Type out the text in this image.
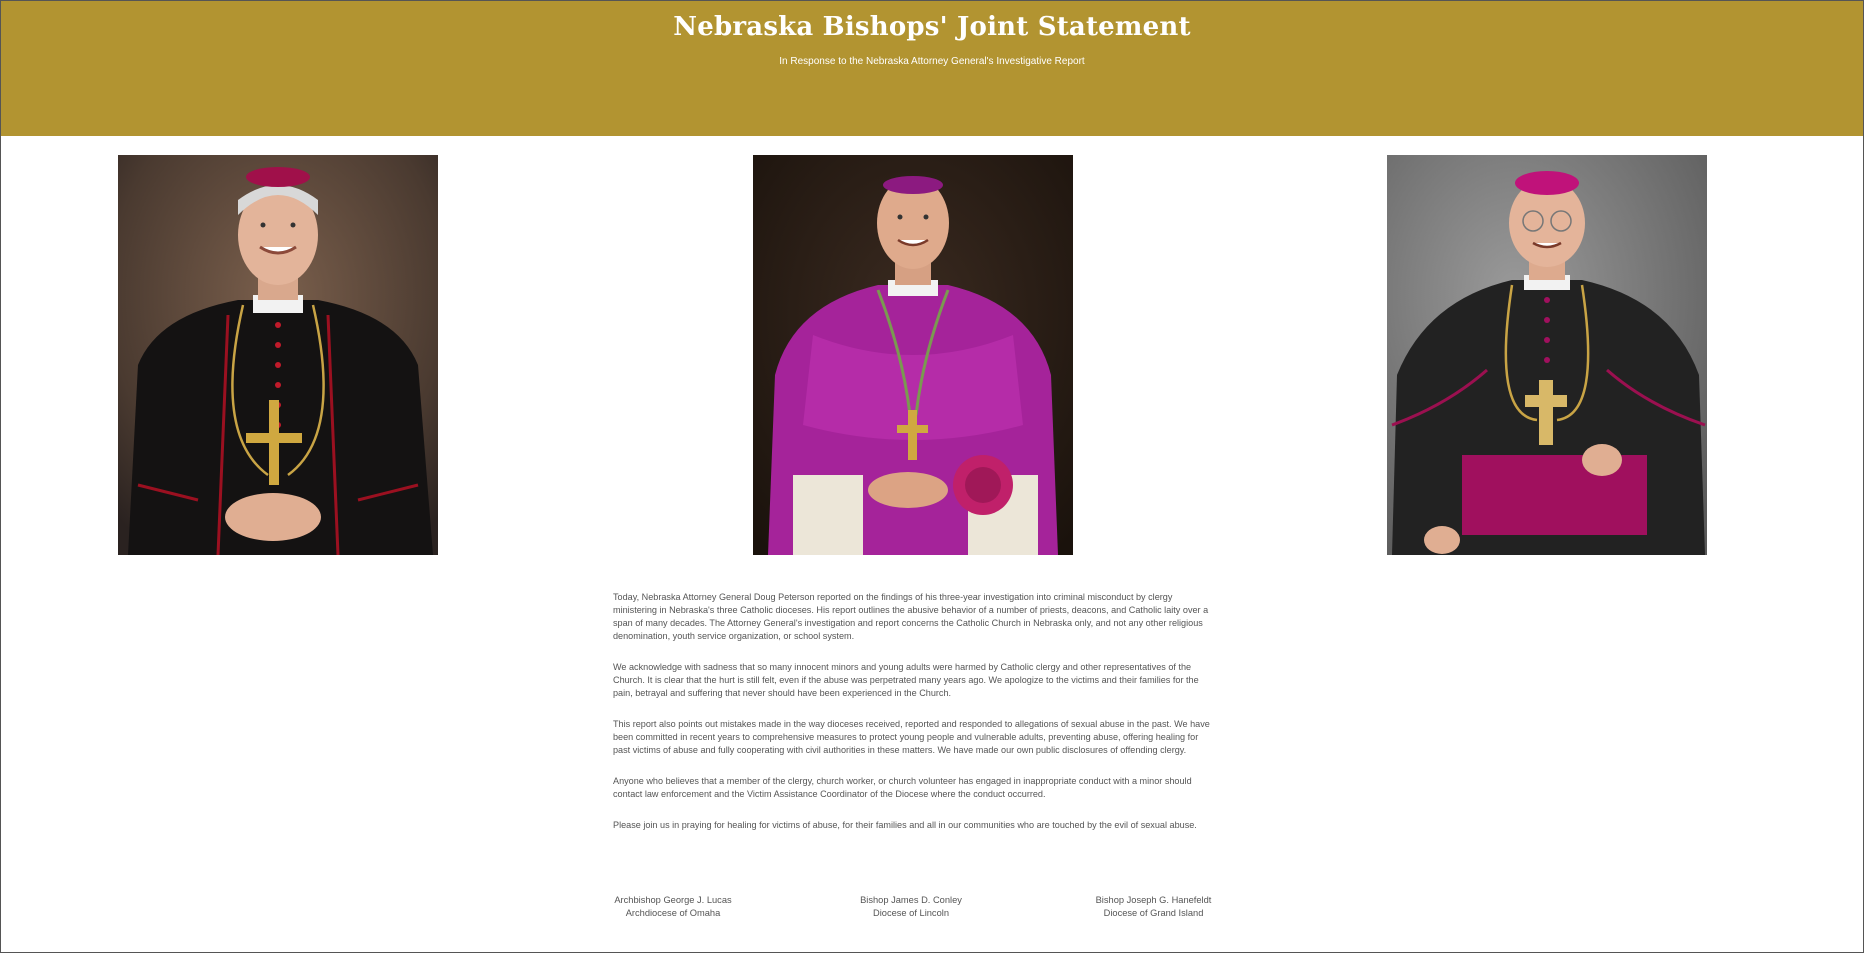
Nebraska Bishops' Joint Statement
In Response to the Nebraska Attorney General's Investigative Report

Today, Nebraska Attorney General Doug Peterson reported on the findings of his three-year investigation into criminal misconduct by clergy ministering in Nebraska's three Catholic dioceses. His report outlines the abusive behavior of a number of priests, deacons, and Catholic laity over a span of many decades. The Attorney General's investigation and report concerns the Catholic Church in Nebraska only, and not any other religious denomination, youth service organization, or school system.

We acknowledge with sadness that so many innocent minors and young adults were harmed by Catholic clergy and other representatives of the Church. It is clear that the hurt is still felt, even if the abuse was perpetrated many years ago. We apologize to the victims and their families for the pain, betrayal and suffering that never should have been experienced in the Church.

This report also points out mistakes made in the way dioceses received, reported and responded to allegations of sexual abuse in the past. We have been committed in recent years to comprehensive measures to protect young people and vulnerable adults, preventing abuse, offering healing for past victims of abuse and fully cooperating with civil authorities in these matters. We have made our own public disclosures of offending clergy.

Anyone who believes that a member of the clergy, church worker, or church volunteer has engaged in inappropriate conduct with a minor should contact law enforcement and the Victim Assistance Coordinator of the Diocese where the conduct occurred.

Please join us in praying for healing for victims of abuse, for their families and all in our communities who are touched by the evil of sexual abuse.

Archbishop George J. Lucas
Archdiocese of Omaha
Bishop James D. Conley
Diocese of Lincoln
Bishop Joseph G. Hanefeldt
Diocese of Grand Island
